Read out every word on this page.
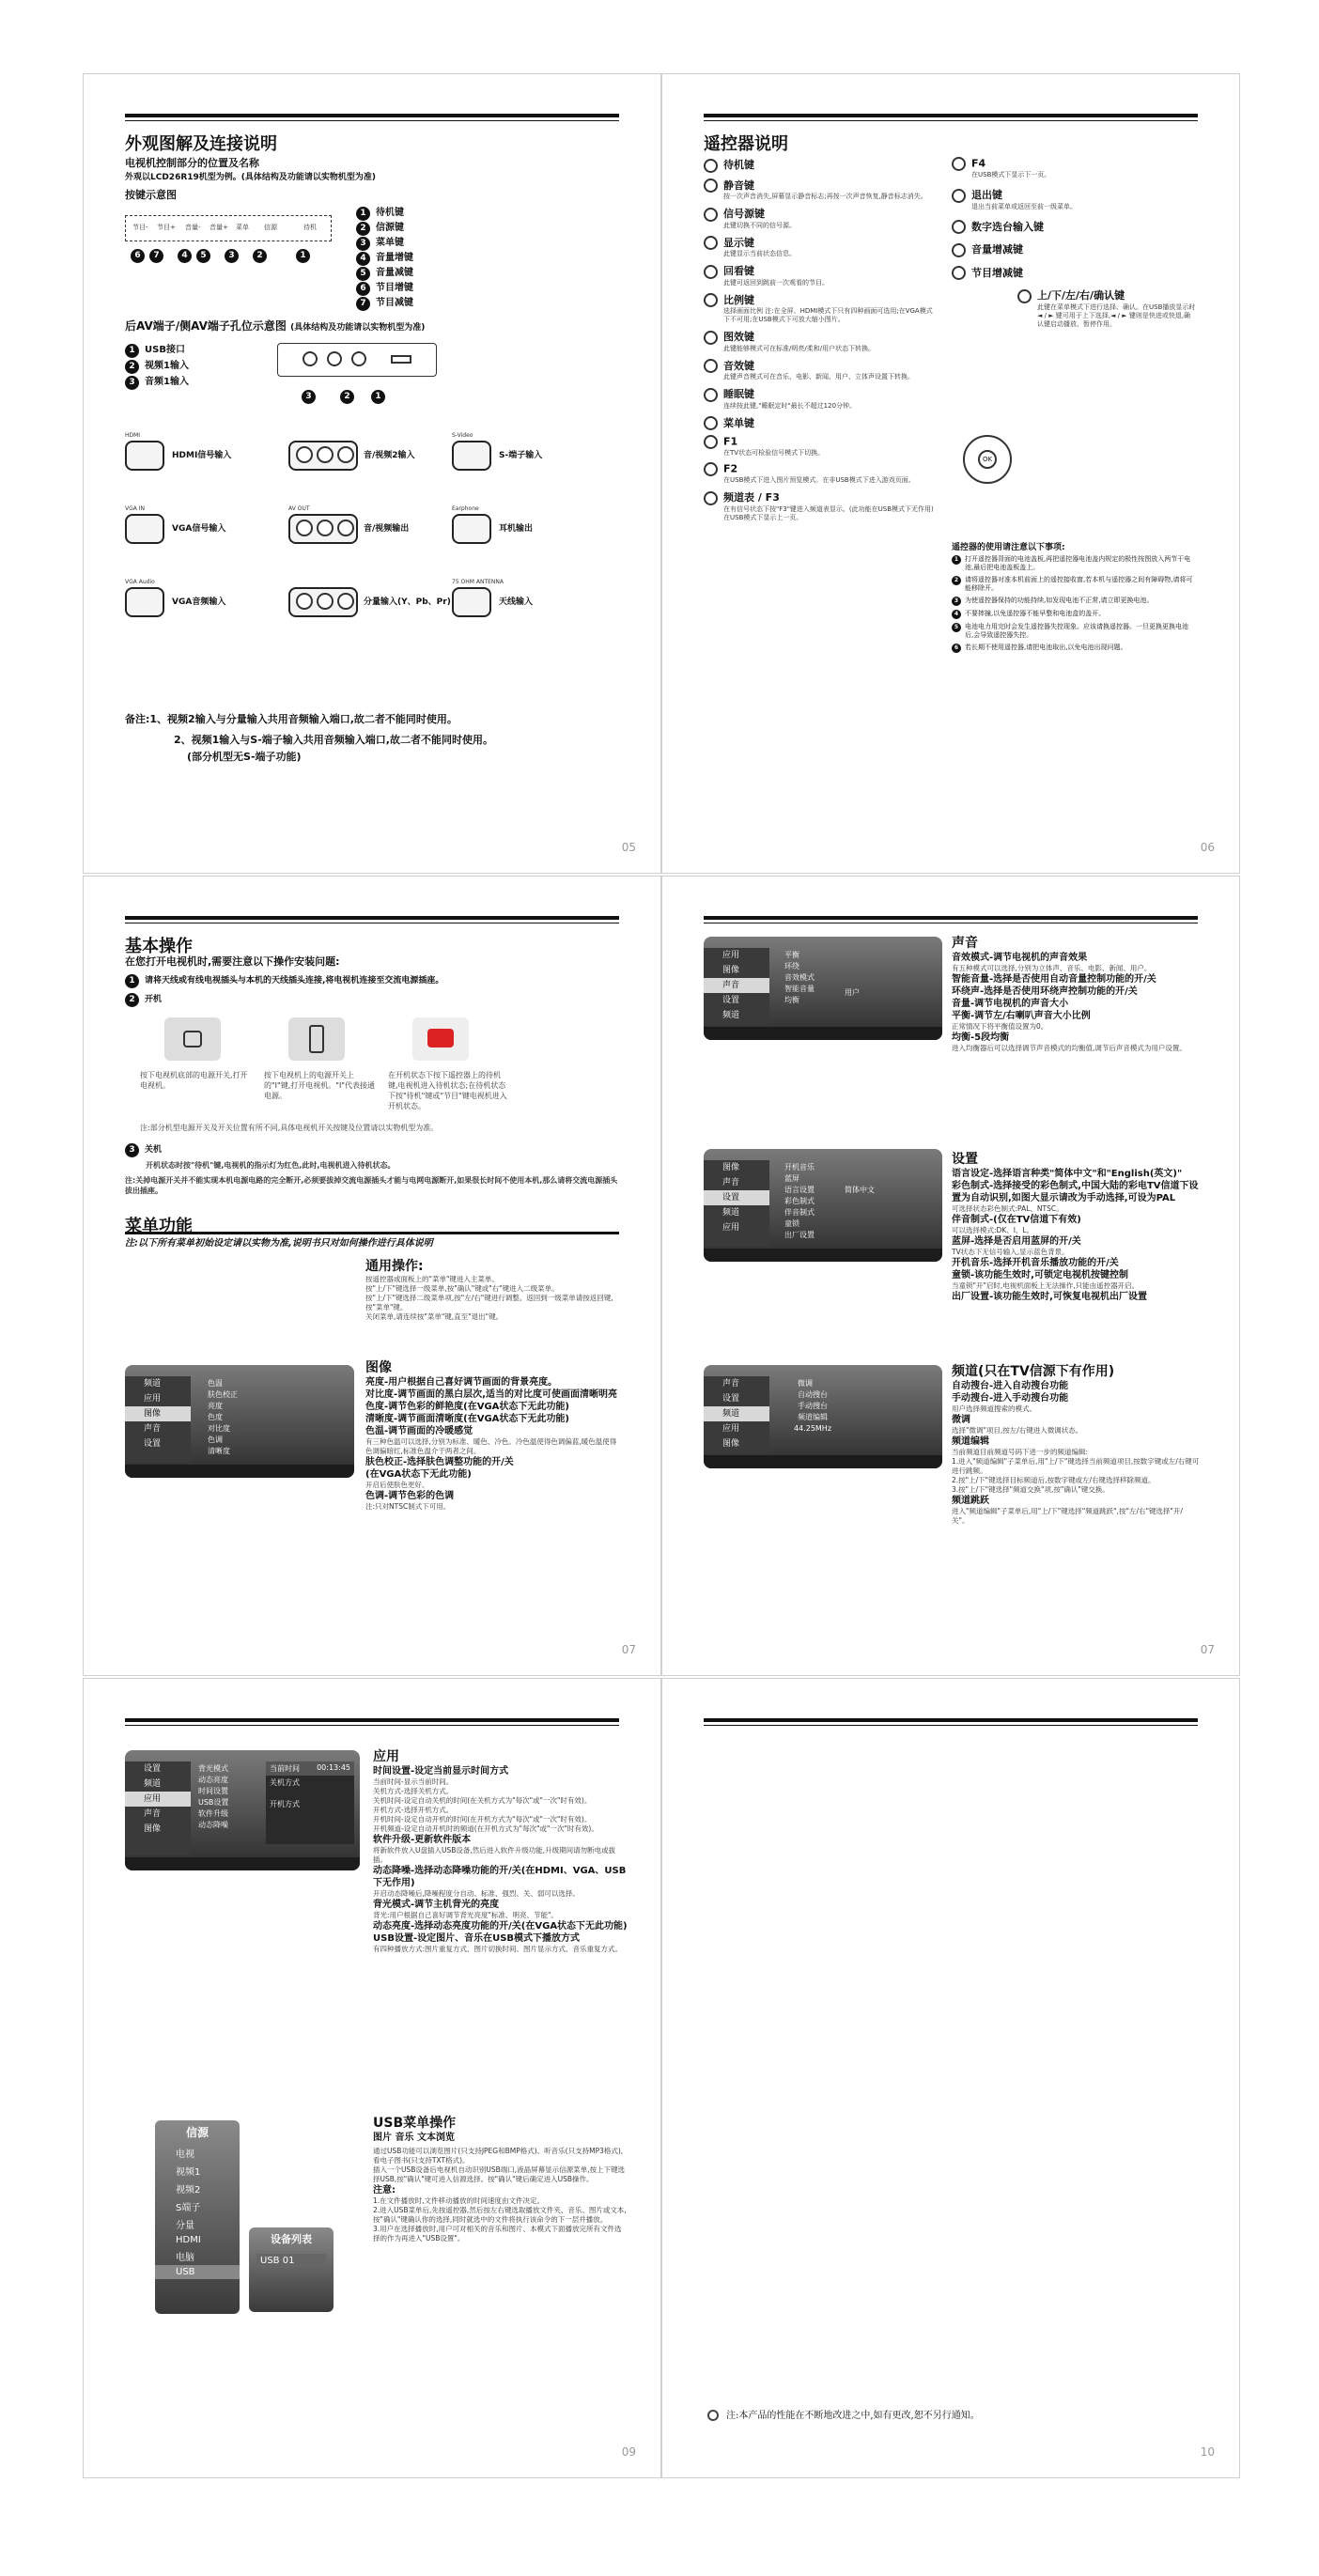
外观图解及连接说明
电视机控制部分的位置及名称
外观以LCD26R19机型为例。(具体结构及功能请以实物机型为准)
按键示意图
节目- 节目+ 音量- 音量+ 菜单 信源	待机
6	7	4	5	3	2	1
1 待机键
2 信源键
3 菜单键
4 音量增键
5 音量减键
6 节目增键
7 节目减键
后AV端子/侧AV端子孔位示意图 (具体结构及功能请以实物机型为准)
1 USB接口
2 视频1输入
3 音频1输入
3	2	1
HDMI
HDMI信号输入	音/视频2输入
S-Video
S-端子输入
VGA IN
VGA信号输入
AV OUT
音/视频输出
Earphone
耳机输出
VGA Audio
VGA音频输入	分量输入(Y、Pb、Pr)
75 OHM ANTENNA
天线输入
备注:1、视频2输入与分量输入共用音频输入端口,故二者不能同时使用。
2、视频1输入与S-端子输入共用音频输入端口,故二者不能同时使用。
(部分机型无S-端子功能)
05
遥控器说明
待机键
静音键
按一次声音消失,屏幕显示静音标志;再按一次声音恢复,静音标志消失。
信号源键
此键切换不同的信号源。
显示键
此键显示当前状态信息。
回看键
此键可返回到跳前一次观看的节目。
比例键
选择画面比例 注:在全屏、HDMI模式下只有四种画面可选用;在VGA模式下不可用;在USB模式下可放大缩小图片。
图效键
此键能够模式可在标准/明亮/柔和/用户状态下转换。
音效键
此键声音模式可在音乐、电影、新闻、用户、立体声设置下转换。
睡眠键
连续按此键,"睡眠定时"最长不超过120分钟。
菜单键
F1
在TV状态可检验信号模式下切换。
F2
在USB模式下进入图片预览模式。在非USB模式下进入游戏页面。
频道表 / F3
在有信号状态下按"F3"键进入频道表显示。(此功能在USB模式下无作用)在USB模式下显示上一页。
F4
在USB模式下显示下一页。
退出键
退出当前菜单或返回至前一级菜单。
数字选台输入键
音量增减键
节目增减键
上/下/左/右/确认键
此键在菜单模式下进行选择、确认。在USB播放显示时 ◄ / ► 键可用于上下选择,◄ / ► 键则是快进或快退,确认键启动播放、暂停作用。
OK
遥控器的使用请注意以下事项:
1 打开遥控器背面的电池盖板,再把遥控器电池盖内规定的极性按图放入两节干电池,最后把电池盖板盖上。
2 请将遥控器对准本机前面上的遥控接收窗,若本机与遥控器之间有障碍物,请将可能移除开。
3 为使遥控器保持的功能持续,如发现电池不正常,请立即更换电池。
4 不要摔撞,以免遥控器不能早整和电池盒的盖开。
5 电池电力用完时会发生遥控器失控现象。应该请换遥控器。一旦更换更换电池后,会导致遥控器失控。
6 若长期不使用遥控器,请把电池取出,以免电池出现问题。
06
基本操作
在您打开电视机时,需要注意以下操作安装问题:
1 请将天线或有线电视插头与本机的天线插头连接,将电视机连接至交流电源插座。
2 开机
按下电视机底部的电源开关,打开电视机。
按下电视机上的电源开关上的"I"键,打开电视机。"I"代表接通电源。
在开机状态下按下遥控器上的待机键,电视机进入待机状态;在待机状态下按"待机"键或"节目"键电视机进入开机状态。
注:部分机型电源开关及开关位置有所不同,具体电视机开关按键及位置请以实物机型为准。
3 关机
开机状态时按"待机"键,电视机的指示灯为红色,此时,电视机进入待机状态。
注:关掉电源开关并不能实现本机电源电路的完全断开,必须要拔掉交流电源插头才能与电网电源断开,如果很长时间不使用本机,那么请将交流电源插头拔出插座。
菜单功能
注:以下所有菜单初始设定请以实物为准,说明书只对如何操作进行具体说明
通用操作:
按遥控器或面板上的"菜单"键进入主菜单。
按"上/下"键选择一级菜单,按"确认"键或"右"键进入二级菜单。
按"上/下"键选择二级菜单项,按"左/右"键进行调整。返回到一级菜单请按返回键,按"菜单"键。
关闭菜单,请连续按"菜单"键,直至"退出"键。
频道
应用
图像
声音
设置
色温
肤色校正
亮度
色度
对比度
色调
清晰度
图像
亮度-用户根据自己喜好调节画面的背景亮度。
对比度-调节画面的黑白层次,适当的对比度可使画面清晰明亮
色度-调节色彩的鲜艳度(在VGA状态下无此功能)
清晰度-调节画面清晰度(在VGA状态下无此功能)
色温-调节画面的冷暖感觉
有三种色温可以选择,分别为标准、暖色、冷色。冷色温使得色调偏蓝,暖色温使得色调偏暗红,标准色温介于两者之间。
肤色校正-选择肤色调整功能的开/关
(在VGA状态下无此功能)
开启后使肤色更好。
色调-调节色彩的色调
注:只对NTSC制式下可用。
07
应用
图像
声音
设置
频道
平衡
环绕
音效模式
智能音量
均衡
用户
声音
音效模式-调节电视机的声音效果
有五种模式可以选择,分别为立体声、音乐、电影、新闻、用户。
智能音量-选择是否使用自动音量控制功能的开/关
环绕声-选择是否使用环绕声控制功能的开/关
音量-调节电视机的声音大小
平衡-调节左/右喇叭声音大小比例
正常情况下将平衡值设置为0。
均衡-5段均衡
进入均衡器后可以选择调节声音模式的均衡值,调节后声音模式为用户设置。
图像
声音
设置
频道
应用
开机音乐
蓝屏
语言设置
彩色制式
伴音制式
童锁
出厂设置
简体中文
设置
语言设定-选择语言种类"简体中文"和"English(英文)"
彩色制式-选择接受的彩色制式,中国大陆的彩电TV信道下设置为自动识别,如图大显示请改为手动选择,可设为PAL
可选择状态彩色制式:PAL、NTSC。
伴音制式-(仅在TV信道下有效)
可以选择模式:DK、I、L。
蓝屏-选择是否启用蓝屏的开/关
TV状态下无信号输入,显示蓝色背景。
开机音乐-选择开机音乐播放功能的开/关
童锁-该功能生效时,可锁定电视机按键控制
当童锁"开"启时,电视机面板上无法操作,只能由遥控器开启。
出厂设置-该功能生效时,可恢复电视机出厂设置
声音
设置
频道
应用
图像
微调
自动搜台
手动搜台
频道编辑
44.25MHz
频道(只在TV信源下有作用)
自动搜台-进入自动搜台功能
手动搜台-进入手动搜台功能
用户选择频道搜索的模式。
微调
选择"微调"项目,按左/右键进入微调状态。
频道编辑
当前频道目前频道号码下进一步的频道编辑:
1.进入"频道编辑"子菜单后,用"上/下"键选择当前频道项目,按数字键或左/右键可进行跳频。
2.按"上/下"键选择目标频道后,按数字键或左/右键选择移除频道。
3.按"上/下"键选择"频道交换"项,按"确认"键交换。
频道跳跃
进入"频道编辑"子菜单后,用"上/下"键选择"频道跳跃",按"左/右"键选择"开/关"。
07
设置
频道
应用
声音
图像
背光模式
动态亮度
时间设置
USB设置
软件升级
动态降噪
当前时间 00:13:45
关机方式
开机方式
应用
时间设置-设定当前显示时间方式
当前时间-显示当前时间。
关机方式-选择关机方式。
关机时间-设定自动关机的时间(在关机方式为"每次"或"一次"时有效)。
开机方式-选择开机方式。
开机时间-设定自动开机的时间(在开机方式为"每次"或"一次"时有效)。
开机频道-设定自动开机时的频道(在开机方式为"每次"或"一次"时有效)。
软件升级-更新软件版本
将新软件放入U盘插入USB设备,然后进入软件升级功能,升级期间请勿断电或拔插。
动态降噪-选择动态降噪功能的开/关(在HDMI、VGA、USB下无作用)
开启动态降噪后,降噪程度分自动、标准、强烈、关、弱可以选择。
背光模式-调节主机背光的亮度
背光:用户根据自己喜好调节背光亮度"标准、明亮、节能"。
动态亮度-选择动态亮度功能的开/关(在VGA状态下无此功能)
USB设置-设定图片、音乐在USB模式下播放方式
有四种播放方式:图片重复方式、图片切换时间、图片显示方式、音乐重复方式。
信源
电视
视频1
视频2
S端子
分量
HDMI
电脑
USB
设备列表
USB 01
USB菜单操作
图片 音乐 文本浏览
通过USB功能可以浏览图片(只支持JPEG和BMP格式)、听音乐(只支持MP3格式),看电子图书(只支持TXT格式)。
插入一个USB设备后电视机自动识别USB端口,液晶屏幕显示信源菜单,按上下键选择USB,按"确认"键可进入信源选择。按"确认"键后确定进入USB操作。
注意:
1.在文件播放时,文件移动播放的时间速度由文件决定。
2.进入USB菜单后,先按遥控器,然后按左右键选取播放文件夹、音乐、图片或文本,按"确认"键确认你的选择,同时就选中的文件将执行该命令的下一层并播放。
3.用户在选择播放时,用户可对相关的音乐和图片、本模式下面播放完所有文件选择的作为再进入"USB设置"。
09
注:本产品的性能在不断地改进之中,如有更改,恕不另行通知。
10
